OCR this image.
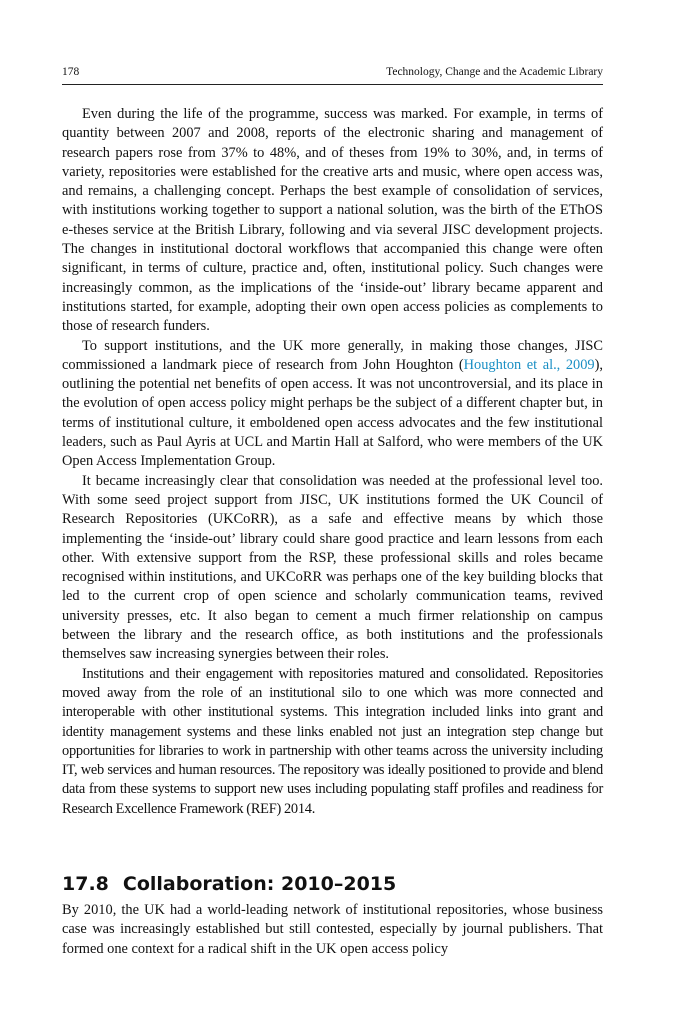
178	Technology, Change and the Academic Library

Even during the life of the programme, success was marked. For example, in terms of quantity between 2007 and 2008, reports of the electronic sharing and management of research papers rose from 37% to 48%, and of theses from 19% to 30%, and, in terms of variety, repositories were established for the creative arts and music, where open access was, and remains, a challenging concept. Perhaps the best example of consolidation of services, with institutions working together to support a national solution, was the birth of the EThOS e-theses service at the British Library, following and via several JISC development projects. The changes in institutional doctoral workflows that accompanied this change were often significant, in terms of culture, practice and, often, institutional policy. Such changes were increasingly common, as the implications of the ‘inside-out’ library became apparent and institutions started, for example, adopting their own open access policies as complements to those of research funders.

To support institutions, and the UK more generally, in making those changes, JISC commissioned a landmark piece of research from John Houghton (Houghton et al., 2009), outlining the potential net benefits of open access. It was not uncontroversial, and its place in the evolution of open access policy might perhaps be the subject of a different chapter but, in terms of institutional culture, it emboldened open access advocates and the few institutional leaders, such as Paul Ayris at UCL and Martin Hall at Salford, who were members of the UK Open Access Implementation Group.

It became increasingly clear that consolidation was needed at the professional level too. With some seed project support from JISC, UK institutions formed the UK Council of Research Repositories (UKCoRR), as a safe and effective means by which those implementing the ‘inside-out’ library could share good practice and learn lessons from each other. With extensive support from the RSP, these professional skills and roles became recognised within institutions, and UKCoRR was perhaps one of the key building blocks that led to the current crop of open science and scholarly communication teams, revived university presses, etc. It also began to cement a much firmer relationship on campus between the library and the research office, as both institutions and the professionals themselves saw increasing synergies between their roles.

Institutions and their engagement with repositories matured and consolidated. Repositories moved away from the role of an institutional silo to one which was more connected and interoperable with other institutional systems. This integration included links into grant and identity management systems and these links enabled not just an integration step change but opportunities for libraries to work in partnership with other teams across the university including IT, web services and human resources. The repository was ideally positioned to provide and blend data from these systems to support new uses including populating staff profiles and readiness for Research Excellence Framework (REF) 2014.

17.8 Collaboration: 2010–2015

By 2010, the UK had a world-leading network of institutional repositories, whose business case was increasingly established but still contested, especially by journal publishers. That formed one context for a radical shift in the UK open access policy
